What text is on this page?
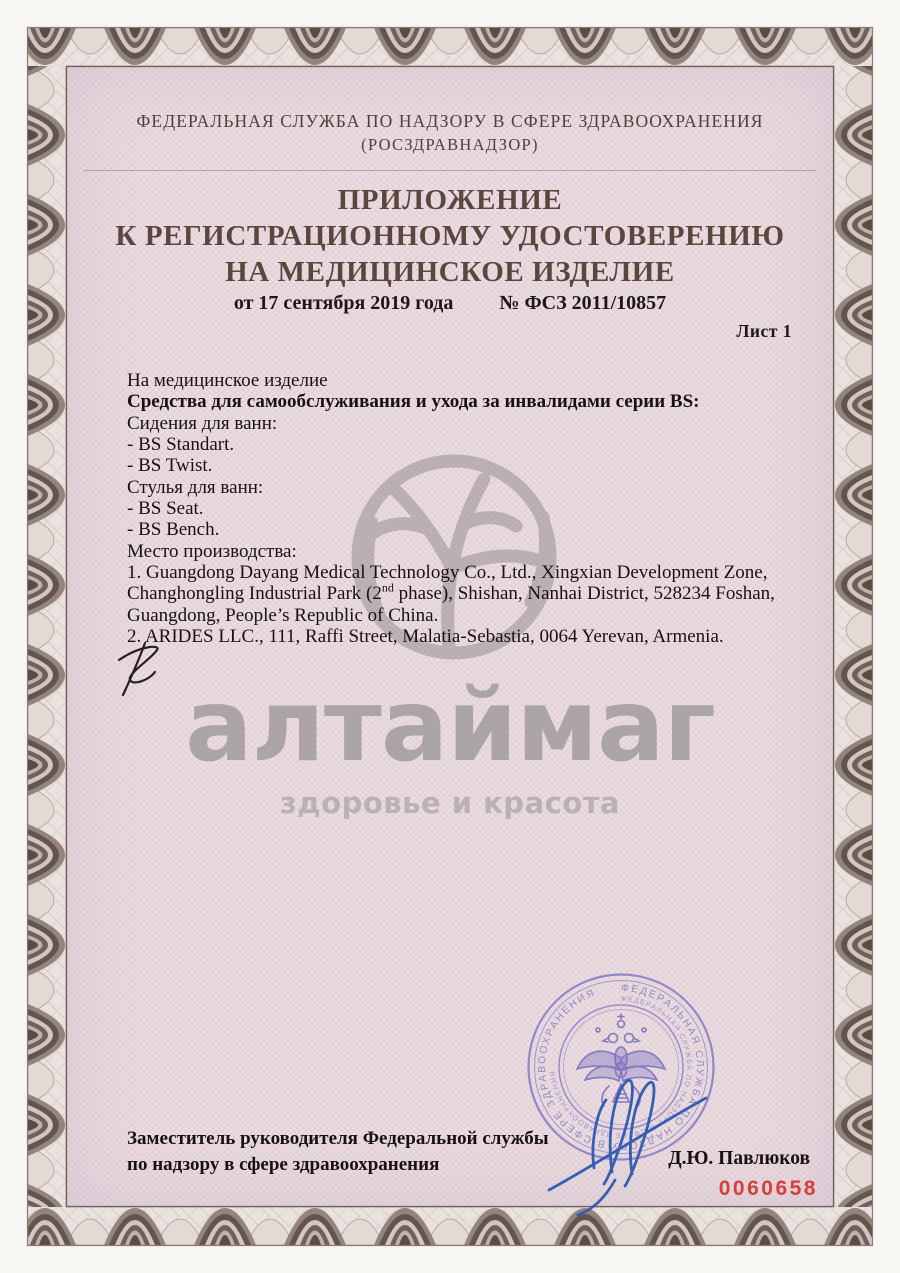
алтаймаг
здоровье и красота
ФЕДЕРАЛЬНАЯ СЛУЖБА ПО НАДЗОРУ В СФЕРЕ ЗДРАВООХРАНЕНИЯ
(РОСЗДРАВНАДЗОР)
ПРИЛОЖЕНИЕ
К РЕГИСТРАЦИОННОМУ УДОСТОВЕРЕНИЮ
НА МЕДИЦИНСКОЕ ИЗДЕЛИЕ
от 17 сентября 2019 года № ФСЗ 2011/10857
Лист 1
На медицинское изделие
Средства для самообслуживания и ухода за инвалидами серии BS:
Сидения для ванн:
- BS Standart.
- BS Twist.
Стулья для ванн:
- BS Seat.
- BS Bench.
Место производства:
1. Guangdong Dayang Medical Technology Co., Ltd., Xingxian Development Zone,
Changhongling Industrial Park (2nd phase), Shishan, Nanhai District, 528234 Foshan,
Guangdong, People’s Republic of China.
2. ARIDES LLC., 111, Raffi Street, Malatia-Sebastia, 0064 Yerevan, Armenia.
ФЕДЕРАЛЬНАЯ СЛУЖБА ПО НАДЗОРУ В СФЕРЕ ЗДРАВООХРАНЕНИЯ	ФЕДЕРАЛЬНАЯ СЛУЖБА ПО НАДЗОРУ В СФЕРЕ ЗДРАВООХРАНЕНИЯ
Заместитель руководителя Федеральной службы
по надзору в сфере здравоохранения	Д.Ю. Павлюков
0060658
